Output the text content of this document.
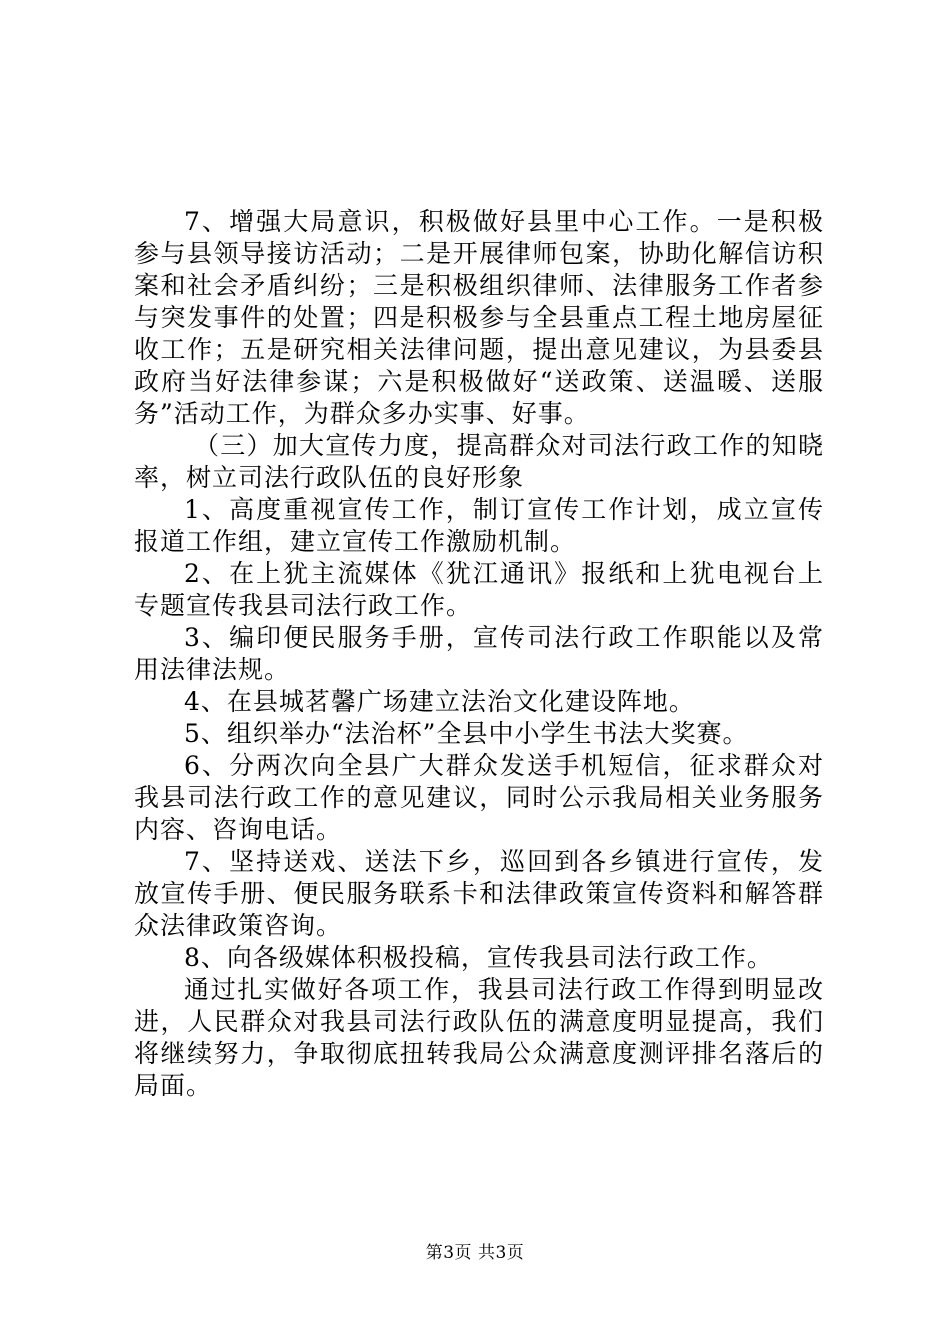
7、增强大局意识，积极做好县里中心工作。一是积极参与县领导接访活动；二是开展律师包案，协助化解信访积案和社会矛盾纠纷；三是积极组织律师、法律服务工作者参与突发事件的处置；四是积极参与全县重点工程土地房屋征收工作；五是研究相关法律问题，提出意见建议，为县委县政府当好法律参谋；六是积极做好“送政策、送温暖、送服务”活动工作，为群众多办实事、好事。

（三）加大宣传力度，提高群众对司法行政工作的知晓率，树立司法行政队伍的良好形象

1、高度重视宣传工作，制订宣传工作计划，成立宣传报道工作组，建立宣传工作激励机制。

2、在上犹主流媒体《犹江通讯》报纸和上犹电视台上专题宣传我县司法行政工作。

3、编印便民服务手册，宣传司法行政工作职能以及常用法律法规。

4、在县城茗馨广场建立法治文化建设阵地。

5、组织举办“法治杯”全县中小学生书法大奖赛。

6、分两次向全县广大群众发送手机短信，征求群众对我县司法行政工作的意见建议，同时公示我局相关业务服务内容、咨询电话。

7、坚持送戏、送法下乡，巡回到各乡镇进行宣传，发放宣传手册、便民服务联系卡和法律政策宣传资料和解答群众法律政策咨询。

8、向各级媒体积极投稿，宣传我县司法行政工作。

通过扎实做好各项工作，我县司法行政工作得到明显改进，人民群众对我县司法行政队伍的满意度明显提高，我们将继续努力，争取彻底扭转我局公众满意度测评排名落后的局面。

第3页 共3页
